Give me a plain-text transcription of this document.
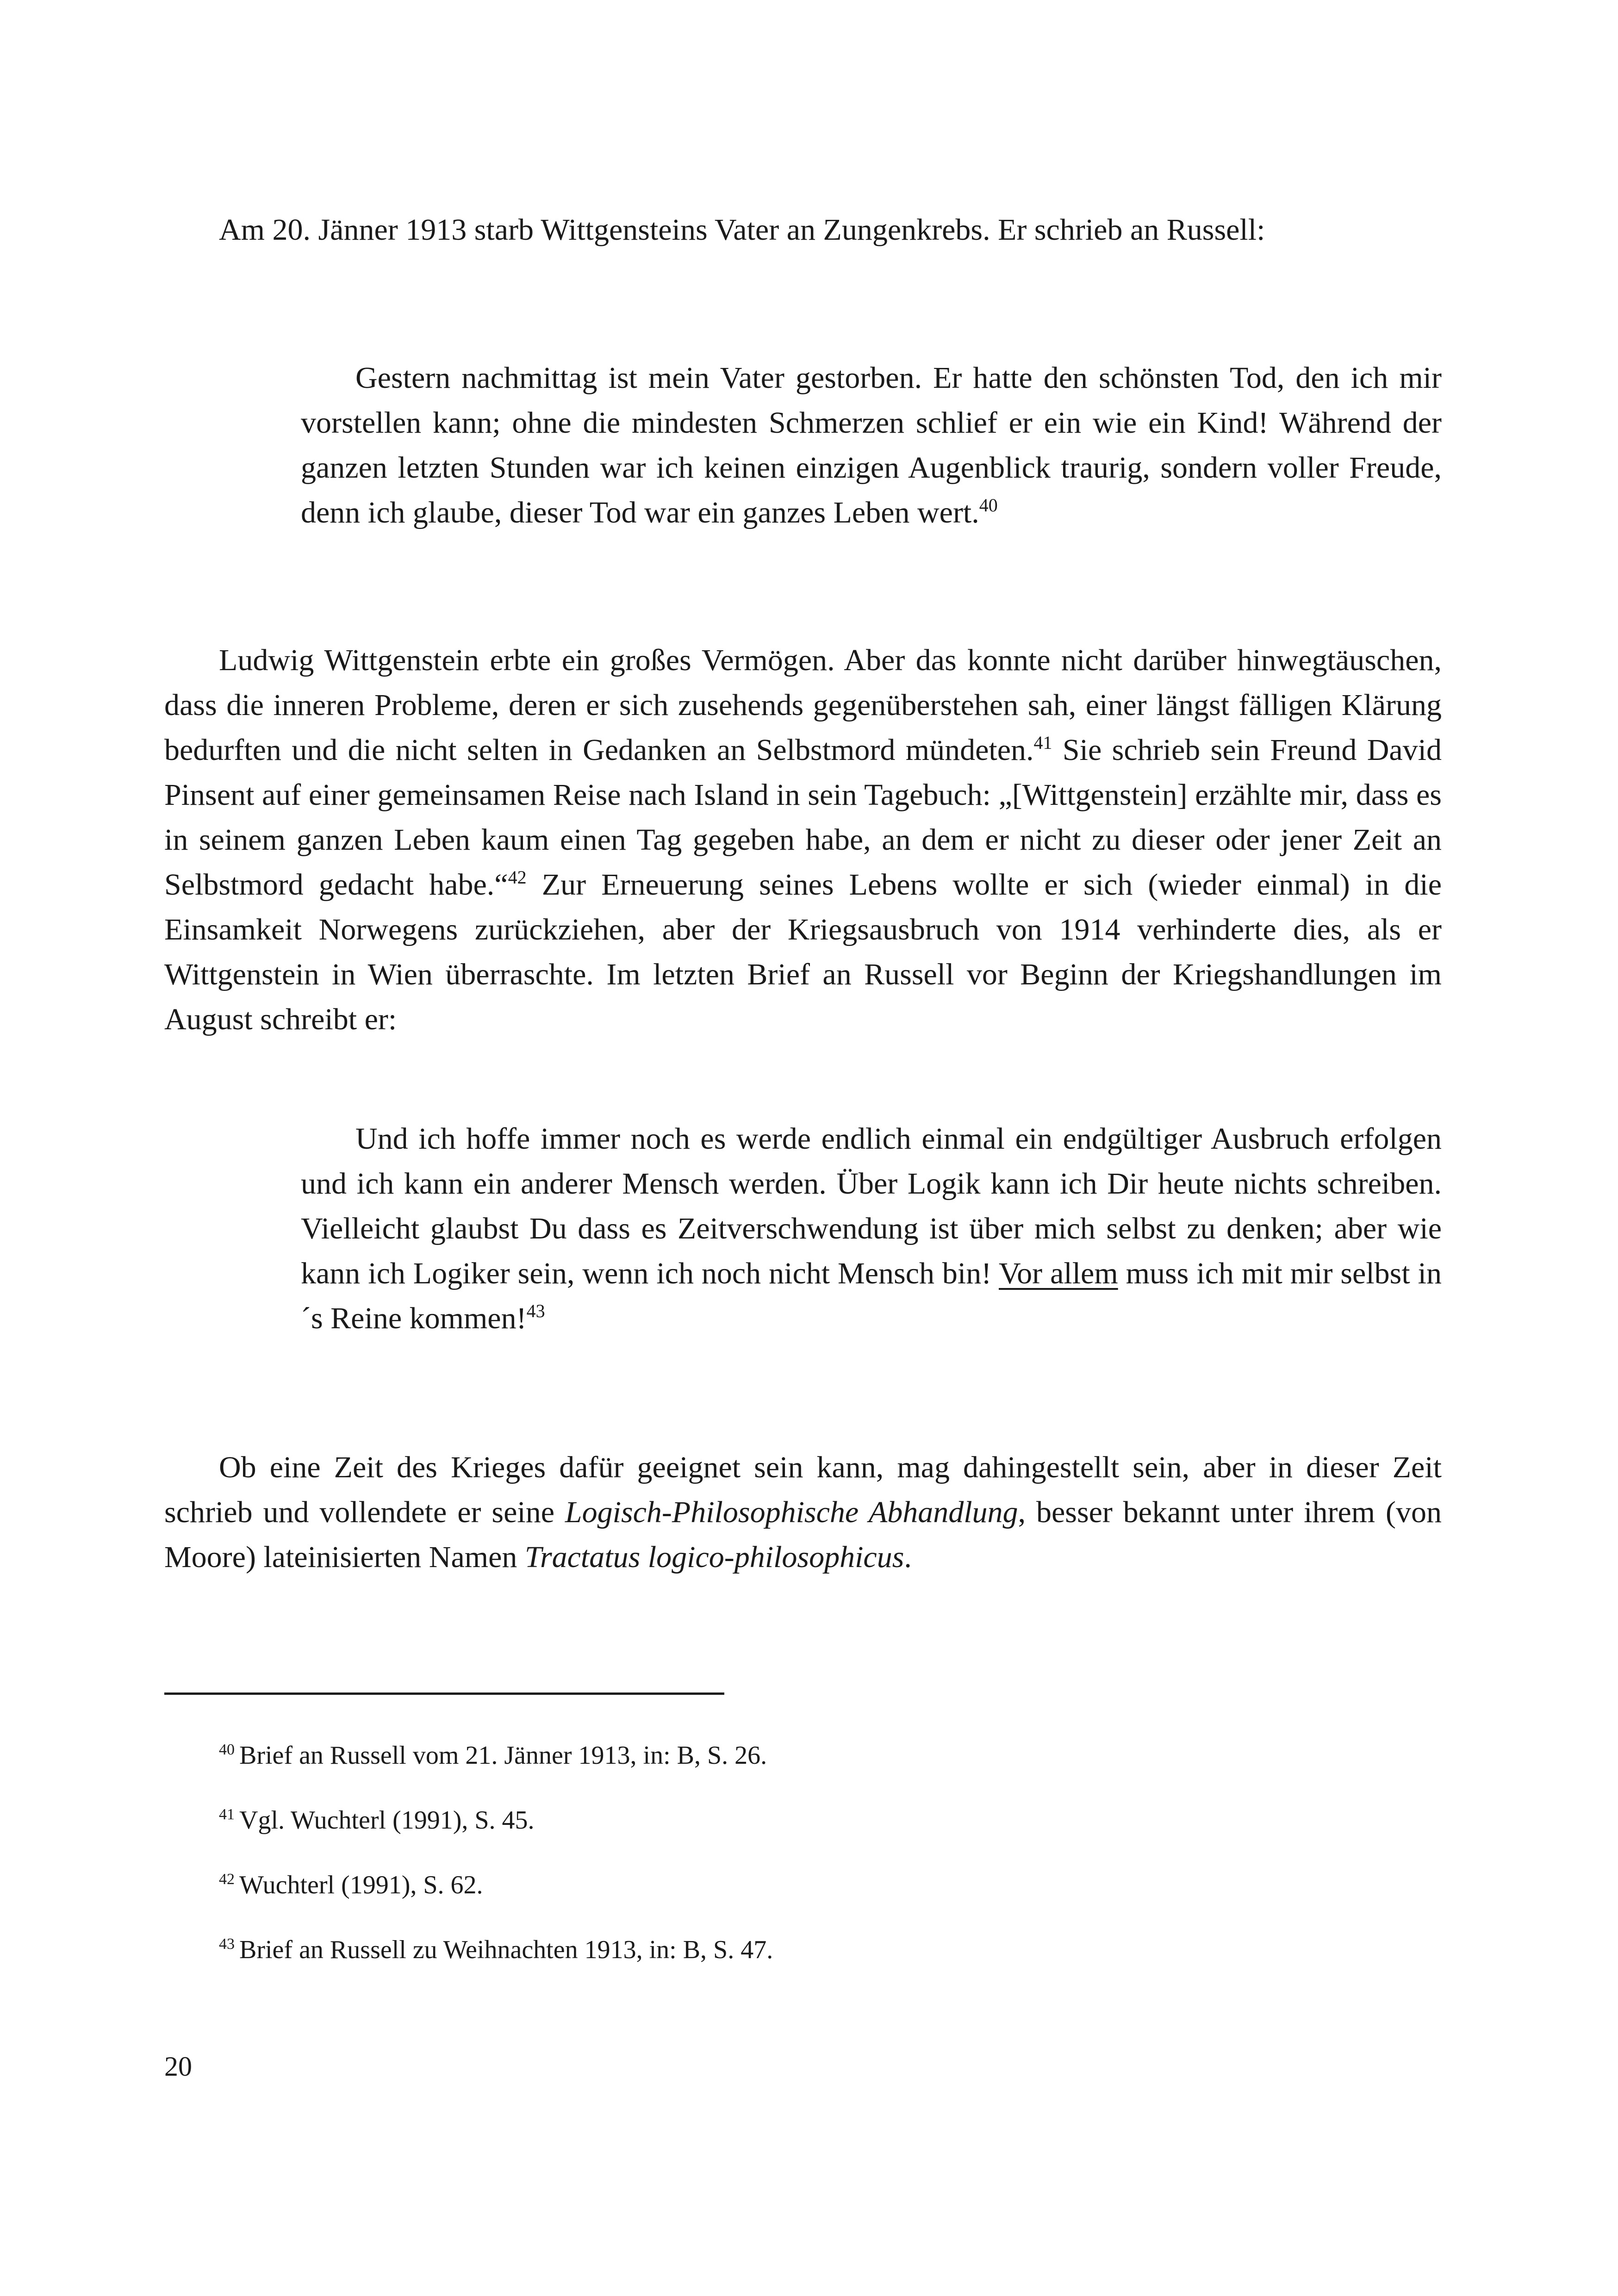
Am 20. Jänner 1913 starb Wittgensteins Vater an Zungenkrebs. Er schrieb an Russell:

Gestern nachmittag ist mein Vater gestorben. Er hatte den schönsten Tod, den ich mir vorstellen kann; ohne die mindesten Schmerzen schlief er ein wie ein Kind! Während der ganzen letzten Stunden war ich keinen einzigen Augenblick traurig, sondern voller Freude, denn ich glaube, dieser Tod war ein ganzes Leben wert.$^{40}$

Ludwig Wittgenstein erbte ein großes Vermögen. Aber das konnte nicht darüber hinwegtäuschen, dass die inneren Probleme, deren er sich zusehends gegenüberstehen sah, einer längst fälligen Klärung bedurften und die nicht selten in Gedanken an Selbstmord mündeten.$^{41}$ Sie schrieb sein Freund David Pinsent auf einer gemeinsamen Reise nach Island in sein Tagebuch: „[Wittgenstein] erzählte mir, dass es in seinem ganzen Leben kaum einen Tag gegeben habe, an dem er nicht zu dieser oder jener Zeit an Selbstmord gedacht habe.“$^{42}$ Zur Erneuerung seines Lebens wollte er sich (wieder einmal) in die Einsamkeit Norwegens zurückziehen, aber der Kriegsausbruch von 1914 verhinderte dies, als er Wittgenstein in Wien überraschte. Im letzten Brief an Russell vor Beginn der Kriegshandlungen im August schreibt er:

Und ich hoffe immer noch es werde endlich einmal ein endgültiger Ausbruch erfolgen und ich kann ein anderer Mensch werden. Über Logik kann ich Dir heute nichts schreiben. Vielleicht glaubst Du dass es Zeitverschwendung ist über mich selbst zu denken; aber wie kann ich Logiker sein, wenn ich noch nicht Mensch bin! Vor allem muss ich mit mir selbst in´s Reine kommen!$^{43}$

Ob eine Zeit des Krieges dafür geeignet sein kann, mag dahingestellt sein, aber in dieser Zeit schrieb und vollendete er seine Logisch-Philosophische Abhandlung, besser bekannt unter ihrem (von Moore) lateinisierten Namen Tractatus logico-philosophicus.

$^{40}$ Brief an Russell vom 21. Jänner 1913, in: B, S. 26.

$^{41}$ Vgl. Wuchterl (1991), S. 45.

$^{42}$ Wuchterl (1991), S. 62.

$^{43}$ Brief an Russell zu Weihnachten 1913, in: B, S. 47.

20
